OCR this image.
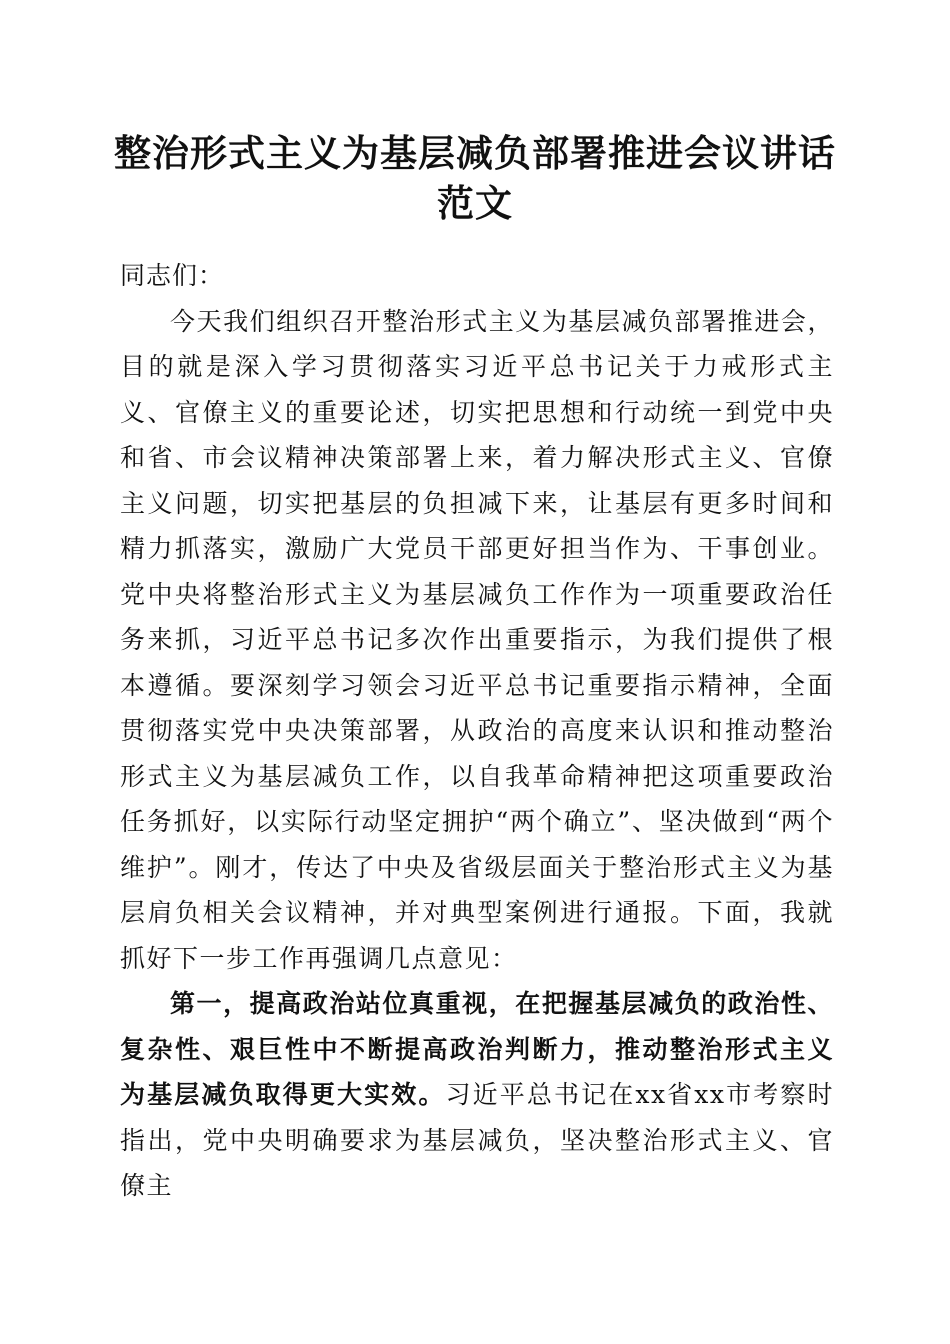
整治形式主义为基层减负部署推进会议讲话范文

同志们：

今天我们组织召开整治形式主义为基层减负部署推进会，目的就是深入学习贯彻落实习近平总书记关于力戒形式主义、官僚主义的重要论述，切实把思想和行动统一到党中央和省、市会议精神决策部署上来，着力解决形式主义、官僚主义问题，切实把基层的负担减下来，让基层有更多时间和精力抓落实，激励广大党员干部更好担当作为、干事创业。党中央将整治形式主义为基层减负工作作为一项重要政治任务来抓，习近平总书记多次作出重要指示，为我们提供了根本遵循。要深刻学习领会习近平总书记重要指示精神，全面贯彻落实党中央决策部署，从政治的高度来认识和推动整治形式主义为基层减负工作，以自我革命精神把这项重要政治任务抓好，以实际行动坚定拥护“两个确立”、坚决做到“两个维护”。刚才，传达了中央及省级层面关于整治形式主义为基层肩负相关会议精神，并对典型案例进行通报。下面，我就抓好下一步工作再强调几点意见：

第一，提高政治站位真重视，在把握基层减负的政治性、复杂性、艰巨性中不断提高政治判断力，推动整治形式主义为基层减负取得更大实效。习近平总书记在xx省xx市考察时指出，党中央明确要求为基层减负，坚决整治形式主义、官僚主
